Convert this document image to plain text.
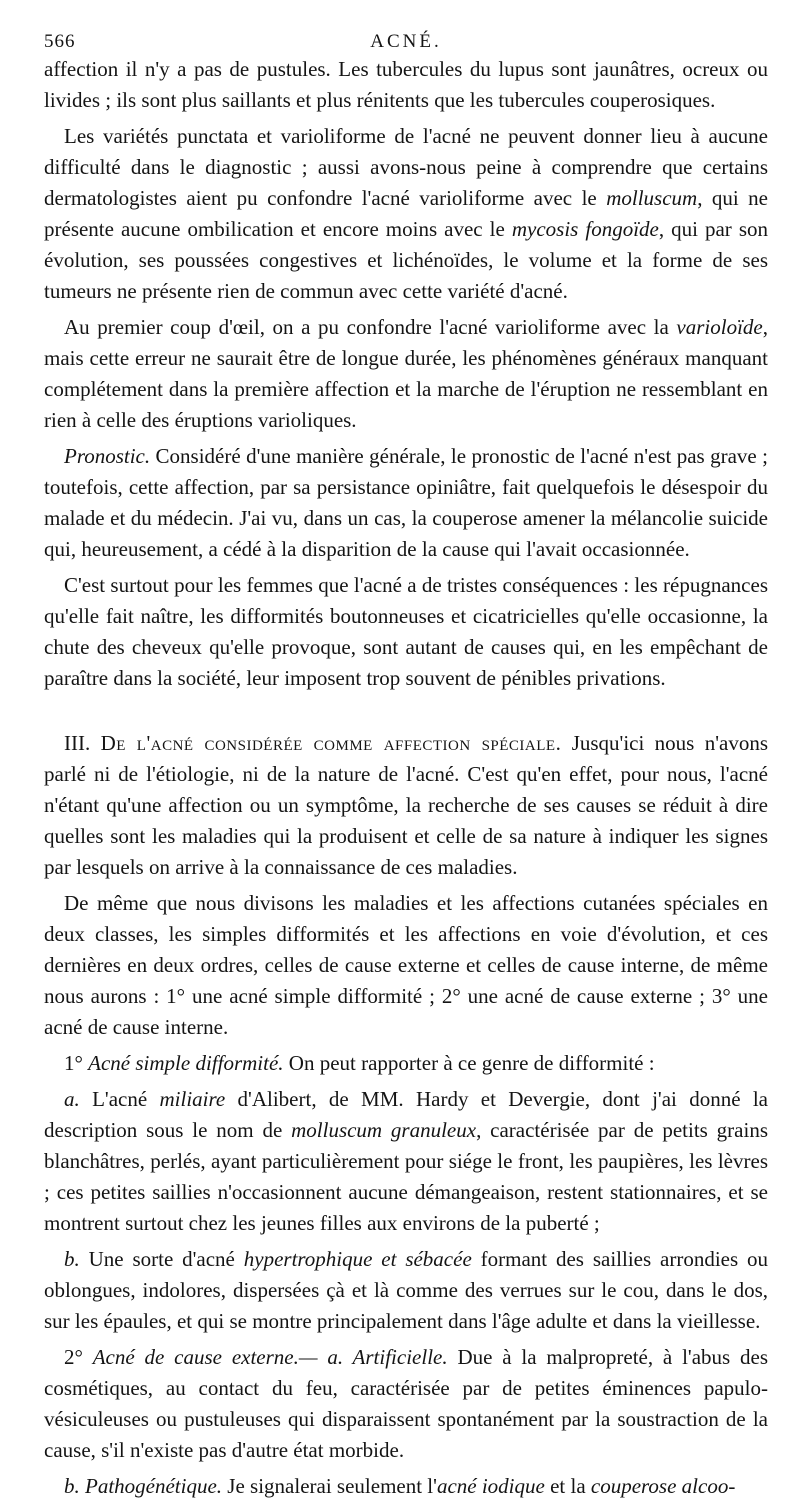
566	ACNÉ.

affection il n'y a pas de pustules. Les tubercules du lupus sont jaunâtres, ocreux ou livides ; ils sont plus saillants et plus rénitents que les tubercules couperosiques.

Les variétés punctata et varioliforme de l'acné ne peuvent donner lieu à aucune difficulté dans le diagnostic ; aussi avons-nous peine à comprendre que certains dermatologistes aient pu confondre l'acné varioliforme avec le molluscum, qui ne présente aucune ombilication et encore moins avec le mycosis fongoïde, qui par son évolution, ses poussées congestives et lichénoïdes, le volume et la forme de ses tumeurs ne présente rien de commun avec cette variété d'acné.

Au premier coup d'œil, on a pu confondre l'acné varioliforme avec la varioloïde, mais cette erreur ne saurait être de longue durée, les phénomènes généraux manquant complétement dans la première affection et la marche de l'éruption ne ressemblant en rien à celle des éruptions varioliques.

Pronostic. Considéré d'une manière générale, le pronostic de l'acné n'est pas grave ; toutefois, cette affection, par sa persistance opiniâtre, fait quelquefois le désespoir du malade et du médecin. J'ai vu, dans un cas, la couperose amener la mélancolie suicide qui, heureusement, a cédé à la disparition de la cause qui l'avait occasionnée.

C'est surtout pour les femmes que l'acné a de tristes conséquences : les répugnances qu'elle fait naître, les difformités boutonneuses et cicatricielles qu'elle occasionne, la chute des cheveux qu'elle provoque, sont autant de causes qui, en les empêchant de paraître dans la société, leur imposent trop souvent de pénibles privations.

III. De l'acné considérée comme affection spéciale. Jusqu'ici nous n'avons parlé ni de l'étiologie, ni de la nature de l'acné. C'est qu'en effet, pour nous, l'acné n'étant qu'une affection ou un symptôme, la recherche de ses causes se réduit à dire quelles sont les maladies qui la produisent et celle de sa nature à indiquer les signes par lesquels on arrive à la connaissance de ces maladies.

De même que nous divisons les maladies et les affections cutanées spéciales en deux classes, les simples difformités et les affections en voie d'évolution, et ces dernières en deux ordres, celles de cause externe et celles de cause interne, de même nous aurons : 1° une acné simple difformité ; 2° une acné de cause externe ; 3° une acné de cause interne.

1° Acné simple difformité. On peut rapporter à ce genre de difformité :

a. L'acné miliaire d'Alibert, de MM. Hardy et Devergie, dont j'ai donné la description sous le nom de molluscum granuleux, caractérisée par de petits grains blanchâtres, perlés, ayant particulièrement pour siége le front, les paupières, les lèvres ; ces petites saillies n'occasionnent aucune démangeaison, restent stationnaires, et se montrent surtout chez les jeunes filles aux environs de la puberté ;

b. Une sorte d'acné hypertrophique et sébacée formant des saillies arrondies ou oblongues, indolores, dispersées çà et là comme des verrues sur le cou, dans le dos, sur les épaules, et qui se montre principalement dans l'âge adulte et dans la vieillesse.

2° Acné de cause externe.— a. Artificielle. Due à la malpropreté, à l'abus des cosmétiques, au contact du feu, caractérisée par de petites éminences papulo-vésiculeuses ou pustuleuses qui disparaissent spontanément par la soustraction de la cause, s'il n'existe pas d'autre état morbide.

b. Pathogénétique. Je signalerai seulement l'acné iodique et la couperose alcoo-
